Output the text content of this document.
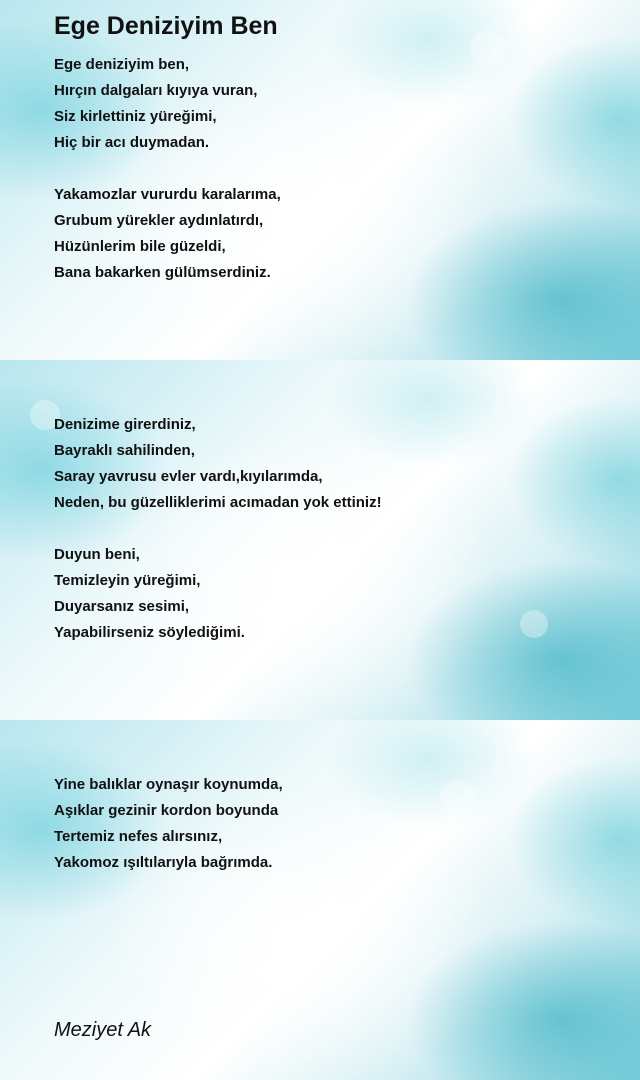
Ege Deniziyim Ben
Ege deniziyim ben,
Hırçın dalgaları kıyıya vuran,
Siz kirlettiniz yüreğimi,
Hiç bir acı duymadan.
Yakamozlar vururdu karalarıma,
Grubum yürekler aydınlatırdı,
Hüzünlerim bile güzeldi,
Bana bakarken gülümserdiniz.
Denizime girerdiniz,
Bayraklı sahilinden,
Saray yavrusu evler vardı,kıyılarımda,
Neden, bu güzelliklerimi acımadan yok ettiniz!
Duyun beni,
Temizleyin yüreğimi,
Duyarsanız sesimi,
Yapabilirseniz söylediğimi.
Yine balıklar oynaşır koynumda,
Aşıklar gezinir kordon boyunda
Tertemiz nefes alırsınız,
Yakomoz ışıltılarıyla bağrımda.

Meziyet Ak
